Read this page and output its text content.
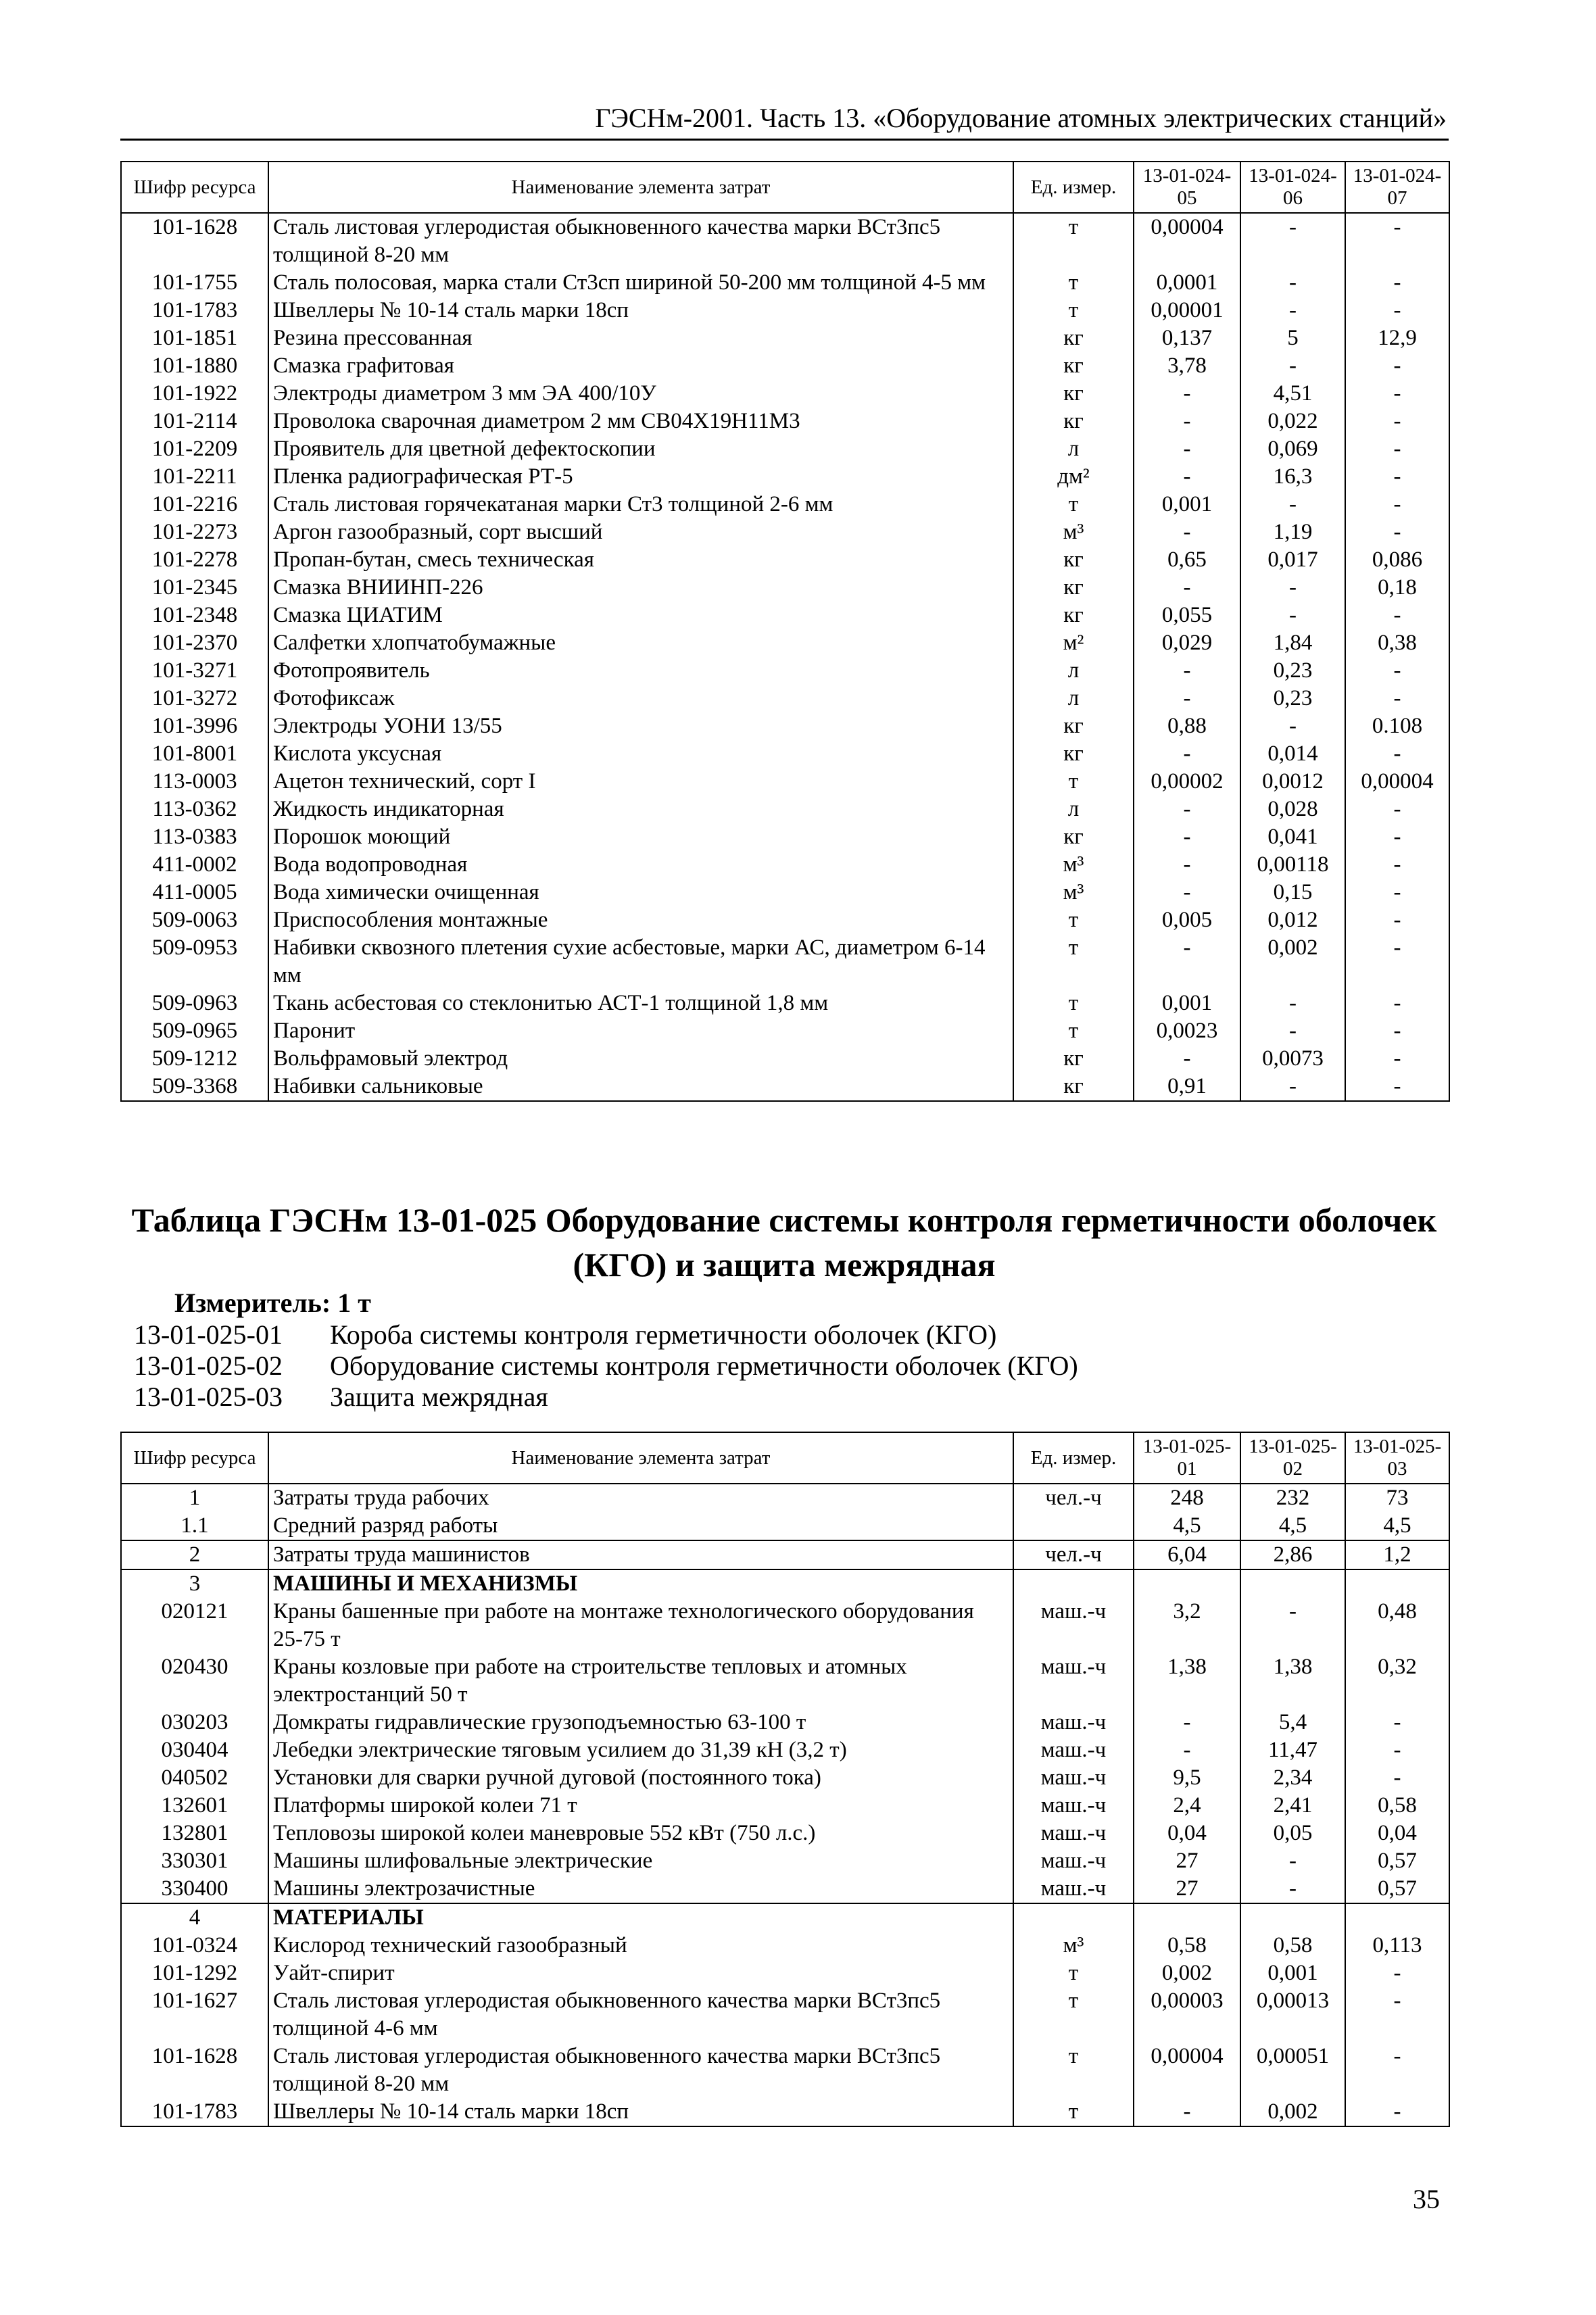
ГЭСНм-2001. Часть 13. «Оборудование атомных электрических станций»
Шифр ресурса	Наименование элемента затрат	Ед. измер.	13-01-024-05	13-01-024-06	13-01-024-07
101-1628	Сталь листовая углеродистая обыкновенного качества марки ВСт3пс5 толщиной 8-20 мм	т	0,00004	-	-
101-1755	Сталь полосовая, марка стали Ст3сп шириной 50-200 мм толщиной 4-5 мм	т	0,0001	-	-
101-1783	Швеллеры № 10-14 сталь марки 18сп	т	0,00001	-	-
101-1851	Резина прессованная	кг	0,137	5	12,9
101-1880	Смазка графитовая	кг	3,78	-	-
101-1922	Электроды диаметром 3 мм ЭА 400/10У	кг	-	4,51	-
101-2114	Проволока сварочная диаметром 2 мм СВ04Х19Н11М3	кг	-	0,022	-
101-2209	Проявитель для цветной дефектоскопии	л	-	0,069	-
101-2211	Пленка радиографическая РТ-5	дм²	-	16,3	-
101-2216	Сталь листовая горячекатаная марки Ст3 толщиной 2-6 мм	т	0,001	-	-
101-2273	Аргон газообразный, сорт высший	м³	-	1,19	-
101-2278	Пропан-бутан, смесь техническая	кг	0,65	0,017	0,086
101-2345	Смазка ВНИИНП-226	кг	-	-	0,18
101-2348	Смазка ЦИАТИМ	кг	0,055	-	-
101-2370	Салфетки хлопчатобумажные	м²	0,029	1,84	0,38
101-3271	Фотопроявитель	л	-	0,23	-
101-3272	Фотофиксаж	л	-	0,23	-
101-3996	Электроды УОНИ 13/55	кг	0,88	-	0.108
101-8001	Кислота уксусная	кг	-	0,014	-
113-0003	Ацетон технический, сорт I	т	0,00002	0,0012	0,00004
113-0362	Жидкость индикаторная	л	-	0,028	-
113-0383	Порошок моющий	кг	-	0,041	-
411-0002	Вода водопроводная	м³	-	0,00118	-
411-0005	Вода химически очищенная	м³	-	0,15	-
509-0063	Приспособления монтажные	т	0,005	0,012	-
509-0953	Набивки сквозного плетения сухие асбестовые, марки АС, диаметром 6-14 мм	т	-	0,002	-
509-0963	Ткань асбестовая со стеклонитью АСТ-1 толщиной 1,8 мм	т	0,001	-	-
509-0965	Паронит	т	0,0023	-	-
509-1212	Вольфрамовый электрод	кг	-	0,0073	-
509-3368	Набивки сальниковые	кг	0,91	-	-
Таблица ГЭСНм 13-01-025 Оборудование системы контроля герметичности оболочек (КГО) и защита межрядная
Измеритель: 1 т
13-01-025-01	Короба системы контроля герметичности оболочек (КГО)
13-01-025-02	Оборудование системы контроля герметичности оболочек (КГО)
13-01-025-03	Защита межрядная
Шифр ресурса	Наименование элемента затрат	Ед. измер.	13-01-025-01	13-01-025-02	13-01-025-03
1	Затраты труда рабочих	чел.-ч	248	232	73
1.1	Средний разряд работы		4,5	4,5	4,5
2	Затраты труда машинистов	чел.-ч	6,04	2,86	1,2
3	МАШИНЫ И МЕХАНИЗМЫ				
020121	Краны башенные при работе на монтаже технологического оборудования 25-75 т	маш.-ч	3,2	-	0,48
020430	Краны козловые при работе на строительстве тепловых и атомных электростанций 50 т	маш.-ч	1,38	1,38	0,32
030203	Домкраты гидравлические грузоподъемностью 63-100 т	маш.-ч	-	5,4	-
030404	Лебедки электрические тяговым усилием до 31,39 кН (3,2 т)	маш.-ч	-	11,47	-
040502	Установки для сварки ручной дуговой (постоянного тока)	маш.-ч	9,5	2,34	-
132601	Платформы широкой колеи 71 т	маш.-ч	2,4	2,41	0,58
132801	Тепловозы широкой колеи маневровые 552 кВт (750 л.с.)	маш.-ч	0,04	0,05	0,04
330301	Машины шлифовальные электрические	маш.-ч	27	-	0,57
330400	Машины электрозачистные	маш.-ч	27	-	0,57
4	МАТЕРИАЛЫ				
101-0324	Кислород технический газообразный	м³	0,58	0,58	0,113
101-1292	Уайт-спирит	т	0,002	0,001	-
101-1627	Сталь листовая углеродистая обыкновенного качества марки ВСт3пс5 толщиной 4-6 мм	т	0,00003	0,00013	-
101-1628	Сталь листовая углеродистая обыкновенного качества марки ВСт3пс5 толщиной 8-20 мм	т	0,00004	0,00051	-
101-1783	Швеллеры № 10-14 сталь марки 18сп	т	-	0,002	-
35
